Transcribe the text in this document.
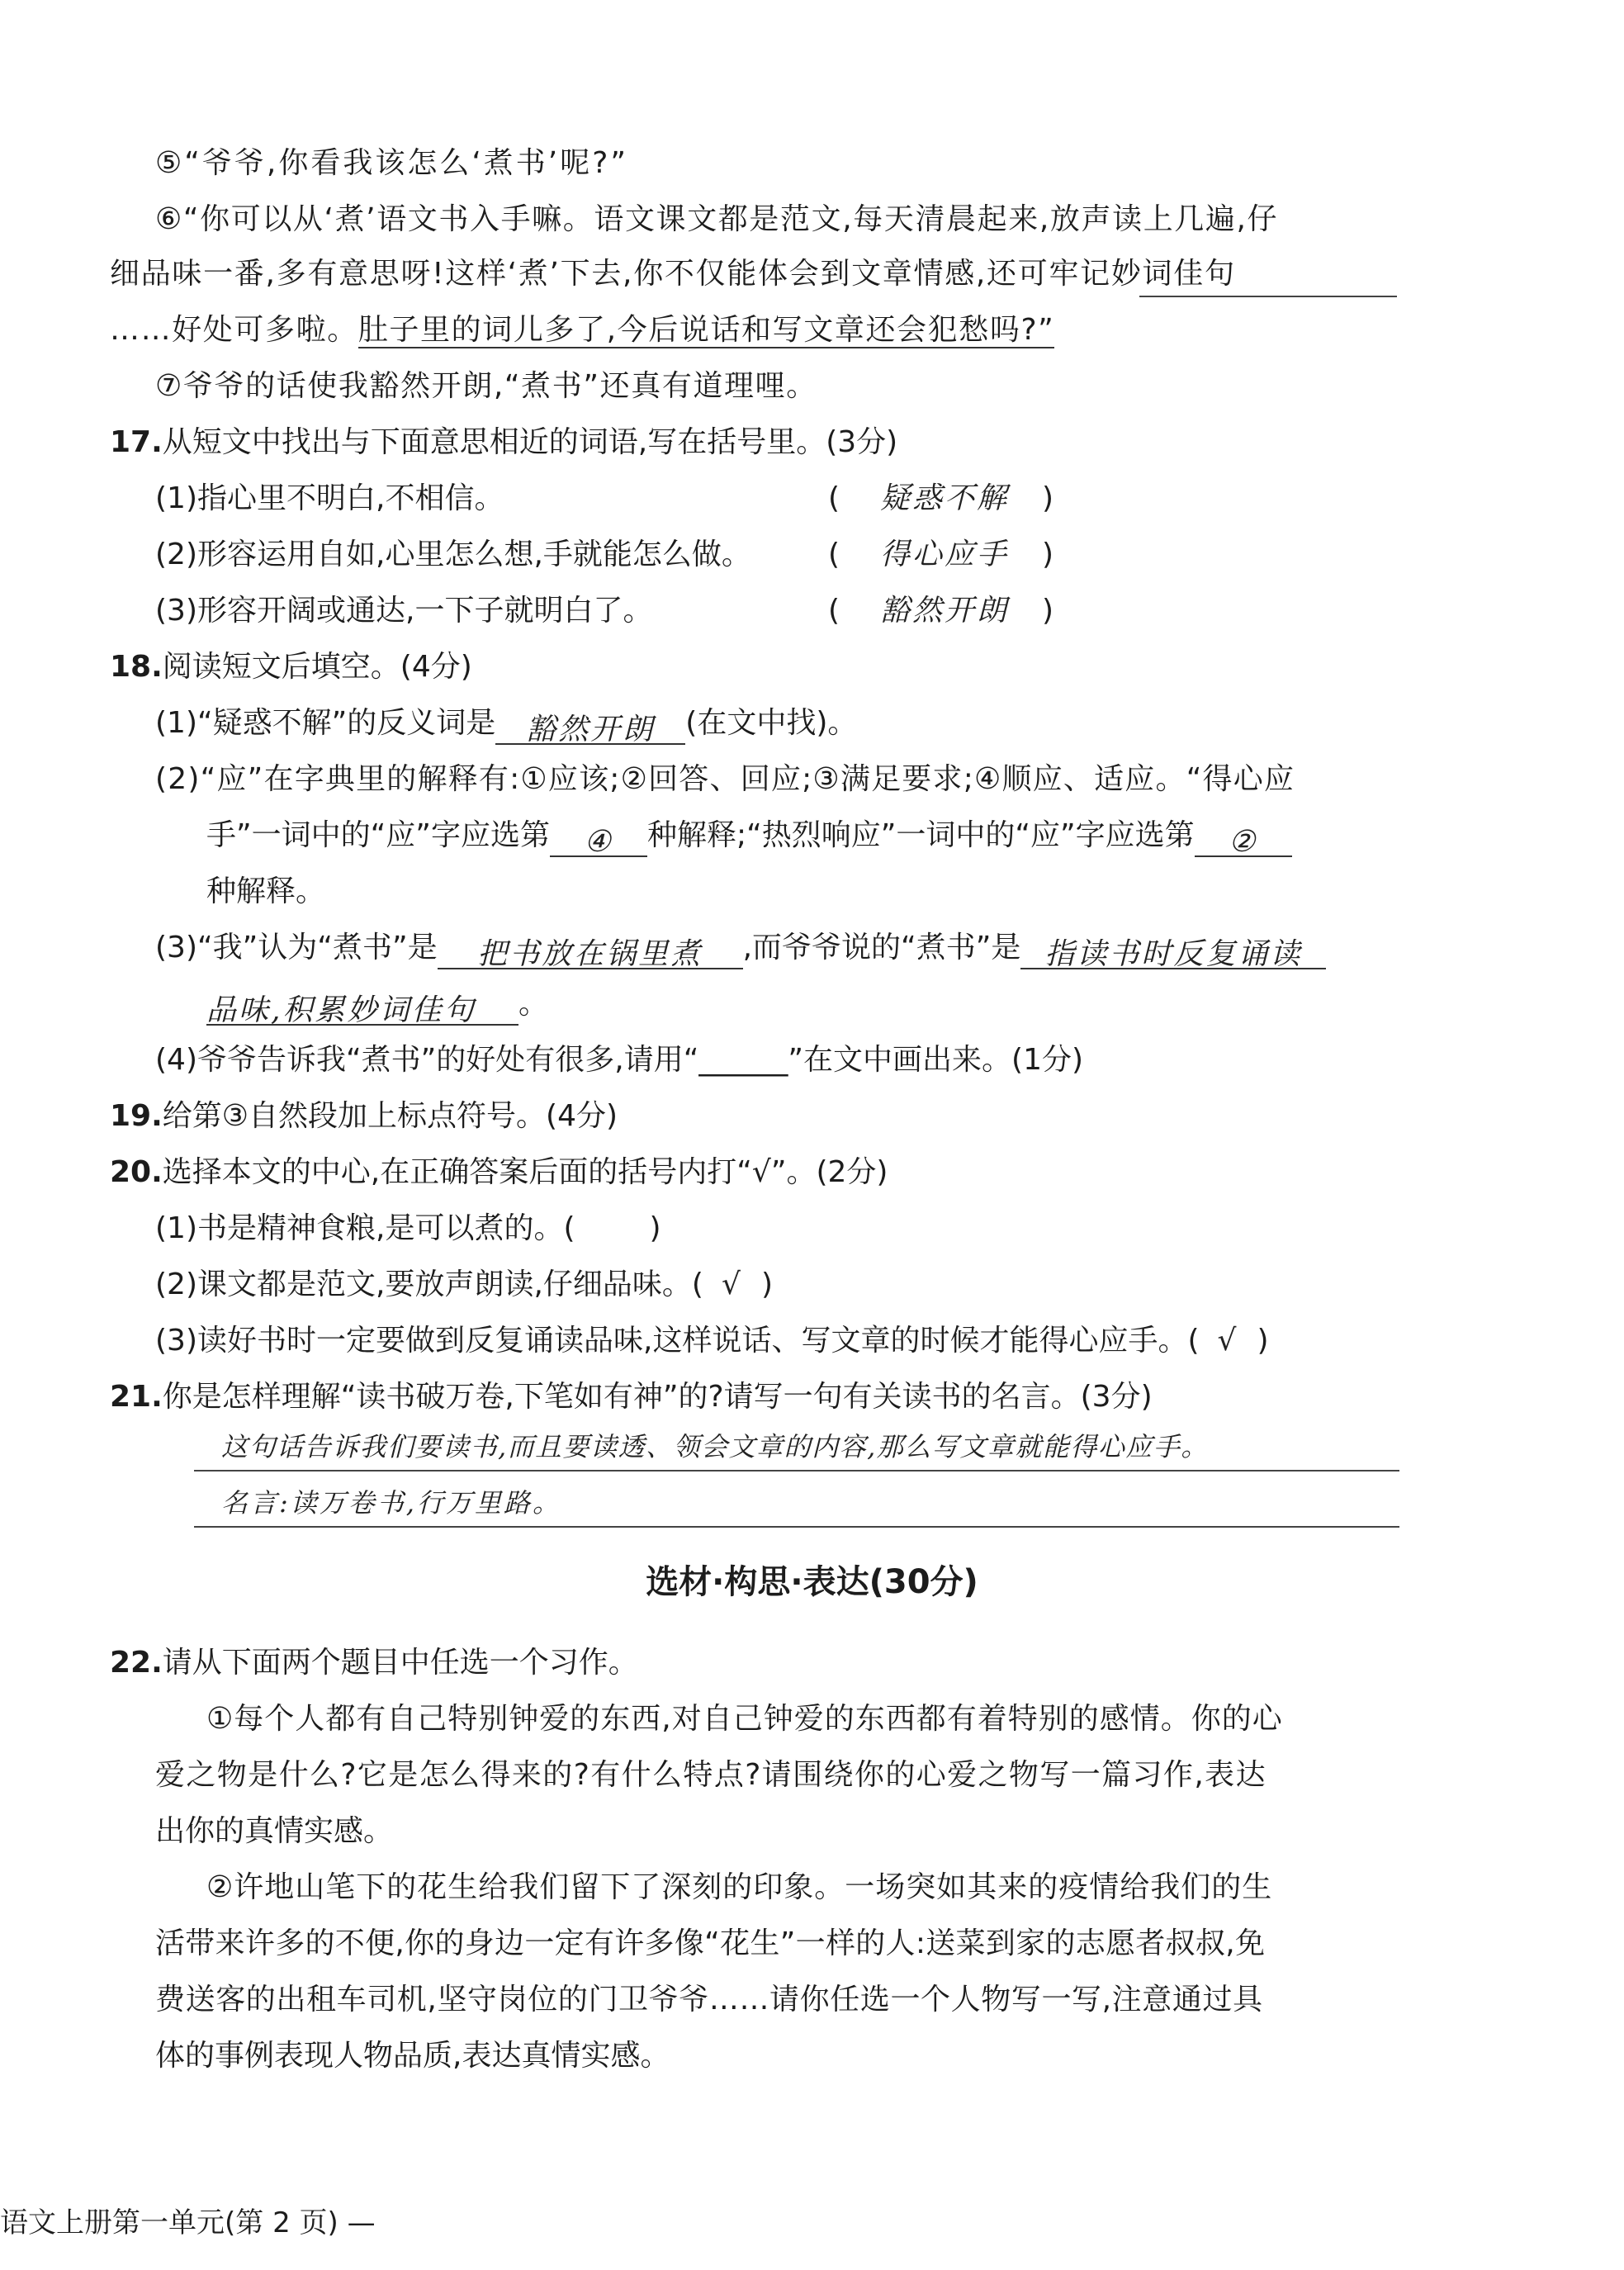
⑤“爷爷,你看我该怎么‘煮书’呢?”
⑥“你可以从‘煮’语文书入手嘛。语文课文都是范文,每天清晨起来,放声读上几遍,仔
细品味一番,多有意思呀!这样‘煮’下去,你不仅能体会到文章情感,还可牢记妙词佳句
……好处可多啦。肚子里的词儿多了,今后说话和写文章还会犯愁吗?”
⑦爷爷的话使我豁然开朗,“煮书”还真有道理哩。
17.从短文中找出与下面意思相近的词语,写在括号里。(3分)
(1)指心里不明白,不相信。	( 疑惑不解 )
(2)形容运用自如,心里怎么想,手就能怎么做。	( 得心应手 )
(3)形容开阔或通达,一下子就明白了。	( 豁然开朗 )
18.阅读短文后填空。(4分)
(1)“疑惑不解”的反义词是 豁然开朗 (在文中找)。
(2)“应”在字典里的解释有:①应该;②回答、回应;③满足要求;④顺应、适应。“得心应
手”一词中的“应”字应选第 ④ 种解释;“热烈响应”一词中的“应”字应选第 ②
种解释。
(3)“我”认为“煮书”是 把书放在锅里煮 ,而爷爷说的“煮书”是 指读书时反复诵读
品味,积累妙词佳句 。
(4)爷爷告诉我“煮书”的好处有很多,请用“______”在文中画出来。(1分)
19.给第③自然段加上标点符号。(4分)
20.选择本文的中心,在正确答案后面的括号内打“√”。(2分)
(1)书是精神食粮,是可以煮的。(	)
(2)课文都是范文,要放声朗读,仔细品味。( √ )
(3)读好书时一定要做到反复诵读品味,这样说话、写文章的时候才能得心应手。( √ )
21.你是怎样理解“读书破万卷,下笔如有神”的?请写一句有关读书的名言。(3分)
这句话告诉我们要读书,而且要读透、领会文章的内容,那么写文章就能得心应手。
名言:读万卷书,行万里路。
选材·构思·表达(30分)
22.请从下面两个题目中任选一个习作。
①每个人都有自己特别钟爱的东西,对自己钟爱的东西都有着特别的感情。你的心
爱之物是什么?它是怎么得来的?有什么特点?请围绕你的心爱之物写一篇习作,表达
出你的真情实感。
②许地山笔下的花生给我们留下了深刻的印象。一场突如其来的疫情给我们的生
活带来许多的不便,你的身边一定有许多像“花生”一样的人:送菜到家的志愿者叔叔,免
费送客的出租车司机,坚守岗位的门卫爷爷……请你任选一个人物写一写,注意通过具
体的事例表现人物品质,表达真情实感。
语文上册第一单元(第 2 页) —
